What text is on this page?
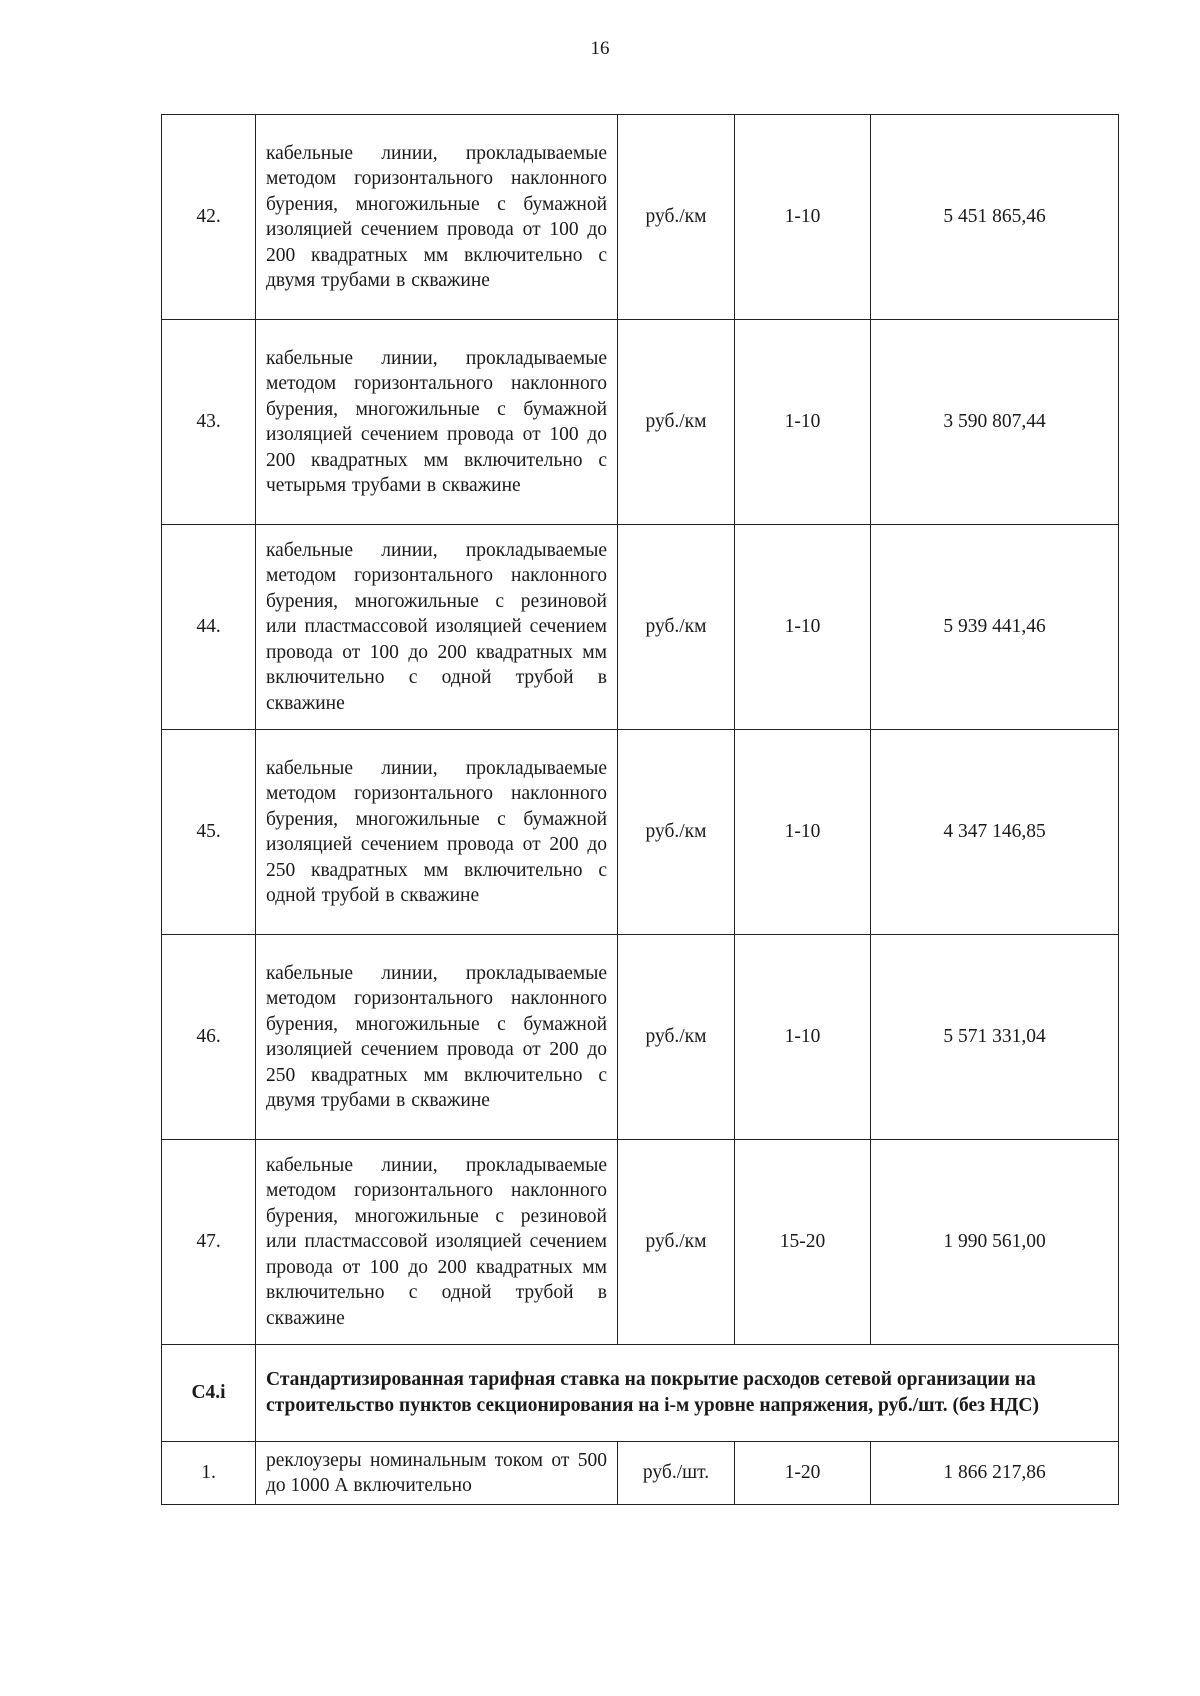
16
42.	кабельные линии, прокладываемые методом горизонтального наклонного бурения, многожильные с бумажной изоляцией сечением провода от 100 до 200 квадратных мм включительно с двумя трубами в скважине	руб./км	1-10	5 451 865,46
43.	кабельные линии, прокладываемые методом горизонтального наклонного бурения, многожильные с бумажной изоляцией сечением провода от 100 до 200 квадратных мм включительно с четырьмя трубами в скважине	руб./км	1-10	3 590 807,44
44.	кабельные линии, прокладываемые методом горизонтального наклонного бурения, многожильные с резиновой или пластмассовой изоляцией сечением провода от 100 до 200 квадратных мм включительно с одной трубой в скважине	руб./км	1-10	5 939 441,46
45.	кабельные линии, прокладываемые методом горизонтального наклонного бурения, многожильные с бумажной изоляцией сечением провода от 200 до 250 квадратных мм включительно с одной трубой в скважине	руб./км	1-10	4 347 146,85
46.	кабельные линии, прокладываемые методом горизонтального наклонного бурения, многожильные с бумажной изоляцией сечением провода от 200 до 250 квадратных мм включительно с двумя трубами в скважине	руб./км	1-10	5 571 331,04
47.	кабельные линии, прокладываемые методом горизонтального наклонного бурения, многожильные с резиновой или пластмассовой изоляцией сечением провода от 100 до 200 квадратных мм включительно с одной трубой в скважине	руб./км	15-20	1 990 561,00
С4.i	Стандартизированная тарифная ставка на покрытие расходов сетевой организации на строительство пунктов секционирования на i-м уровне напряжения, руб./шт. (без НДС)			
1.	реклоузеры номинальным током от 500 до 1000 А включительно	руб./шт.	1-20	1 866 217,86
